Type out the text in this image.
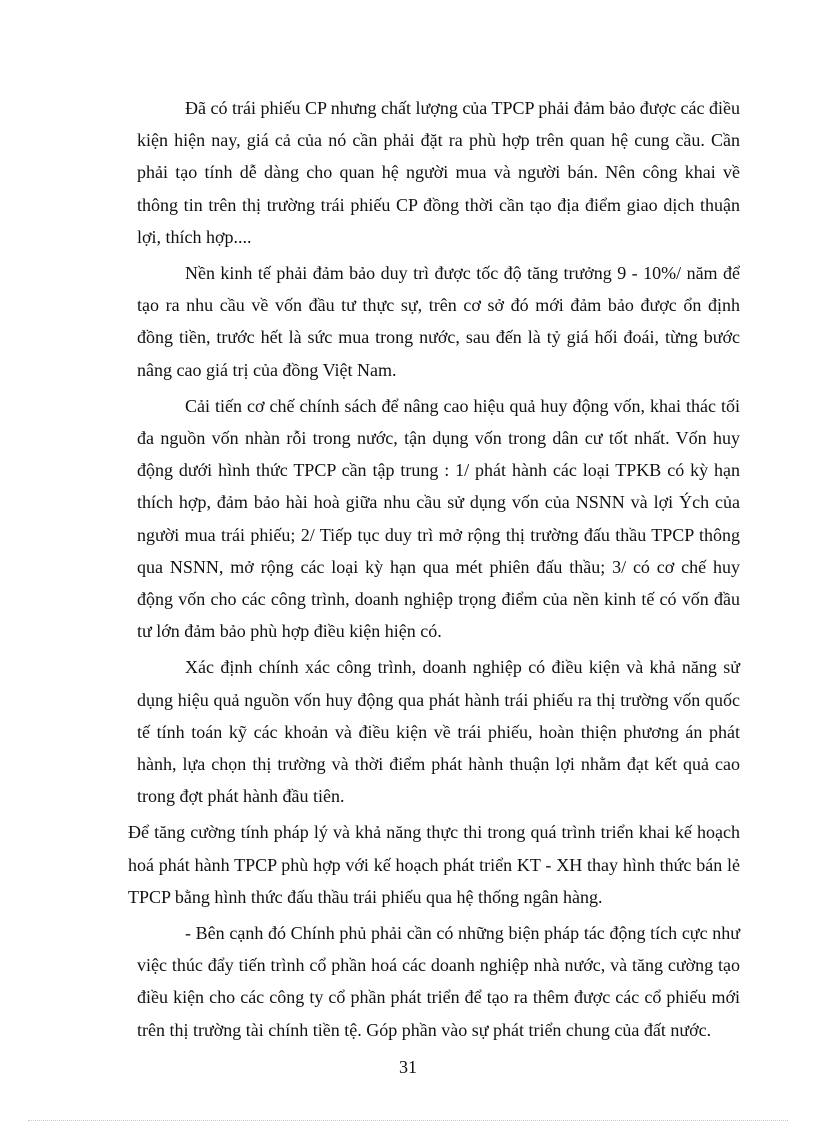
Đã có trái phiếu CP nhưng chất lượng của TPCP phải đảm bảo được các điều kiện hiện nay, giá cả của nó cần phải đặt ra phù hợp trên quan hệ cung cầu. Cần phải tạo tính dễ dàng cho quan hệ người mua và người bán. Nên công khai về thông tin trên thị trường trái phiếu CP đồng thời cần tạo địa điểm giao dịch thuận lợi, thích hợp....

Nền kinh tế phải đảm bảo duy trì được tốc độ tăng trưởng 9 - 10%/ năm để tạo ra nhu cầu về vốn đầu tư thực sự, trên cơ sở đó mới đảm bảo được ổn định đồng tiền, trước hết là sức mua trong nước, sau đến là tỷ giá hối đoái, từng bước nâng cao giá trị của đồng Việt Nam.

Cải tiến cơ chế chính sách để nâng cao hiệu quả huy động vốn, khai thác tối đa nguồn vốn nhàn rỗi trong nước, tận dụng vốn trong dân cư tốt nhất. Vốn huy động dưới hình thức TPCP cần tập trung : 1/ phát hành các loại TPKB có kỳ hạn thích hợp, đảm bảo hài hoà giữa nhu cầu sử dụng vốn của NSNN và lợi Ých của người mua trái phiếu; 2/ Tiếp tục duy trì mở rộng thị trường đấu thầu TPCP thông qua NSNN, mở rộng các loại kỳ hạn qua mét phiên đấu thầu; 3/ có cơ chế huy động vốn cho các công trình, doanh nghiệp trọng điểm của nền kinh tế có vốn đầu tư lớn đảm bảo phù hợp điều kiện hiện có.

Xác định chính xác công trình, doanh nghiệp có điều kiện và khả năng sử dụng hiệu quả nguồn vốn huy động qua phát hành trái phiếu ra thị trường vốn quốc tế tính toán kỹ các khoản và điều kiện về trái phiếu, hoàn thiện phương án phát hành, lựa chọn thị trường và thời điểm phát hành thuận lợi nhằm đạt kết quả cao trong đợt phát hành đầu tiên.

Để tăng cường tính pháp lý và khả năng thực thi trong quá trình triển khai kế hoạch hoá phát hành TPCP phù hợp với kế hoạch phát triển KT - XH thay hình thức bán lẻ TPCP bằng hình thức đấu thầu trái phiếu qua hệ thống ngân hàng.

- Bên cạnh đó Chính phủ phải cần có những biện pháp tác động tích cực như việc thúc đẩy tiến trình cổ phần hoá các doanh nghiệp nhà nước, và tăng cường tạo điều kiện cho các công ty cổ phần phát triển để tạo ra thêm được các cổ phiếu mới trên thị trường tài chính tiền tệ. Góp phần vào sự phát triển chung của đất nước.

31
